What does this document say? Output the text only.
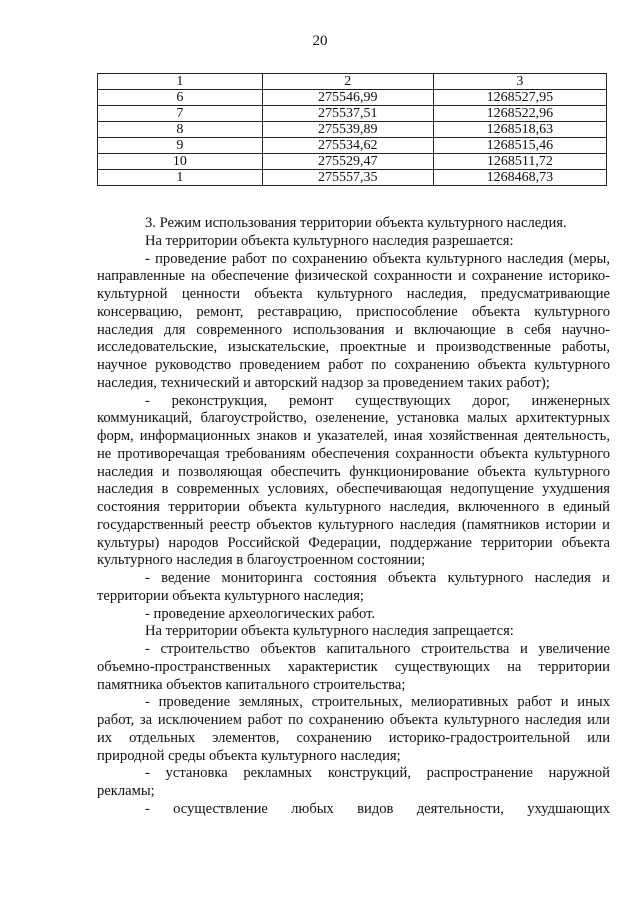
20
1	2	3
6	275546,99	1268527,95
7	275537,51	1268522,96
8	275539,89	1268518,63
9	275534,62	1268515,46
10	275529,47	1268511,72
1	275557,35	1268468,73

3. Режим использования территории объекта культурного наследия.

На территории объекта культурного наследия разрешается:

- проведение работ по сохранению объекта культурного наследия (меры, направленные на обеспечение физической сохранности и сохранение историко-культурной ценности объекта культурного наследия, предусматривающие консервацию, ремонт, реставрацию, приспособление объекта культурного наследия для современного использования и включающие в себя научно-исследовательские, изыскательские, проектные и производственные работы, научное руководство проведением работ по сохранению объекта культурного наследия, технический и авторский надзор за проведением таких работ);

- реконструкция, ремонт существующих дорог, инженерных коммуникаций, благоустройство, озеленение, установка малых архитектурных форм, информационных знаков и указателей, иная хозяйственная деятельность, не противоречащая требованиям обеспечения сохранности объекта культурного наследия и позволяющая обеспечить функционирование объекта культурного наследия в современных условиях, обеспечивающая недопущение ухудшения состояния территории объекта культурного наследия, включенного в единый государственный реестр объектов культурного наследия (памятников истории и культуры) народов Российской Федерации, поддержание территории объекта культурного наследия в благоустроенном состоянии;

- ведение мониторинга состояния объекта культурного наследия и территории объекта культурного наследия;

- проведение археологических работ.

На территории объекта культурного наследия запрещается:

- строительство объектов капитального строительства и увеличение объемно-пространственных характеристик существующих на территории памятника объектов капитального строительства;

- проведение земляных, строительных, мелиоративных работ и иных работ, за исключением работ по сохранению объекта культурного наследия или их отдельных элементов, сохранению историко-градостроительной или природной среды объекта культурного наследия;

- установка рекламных конструкций, распространение наружной рекламы;

- осуществление любых видов деятельности, ухудшающих
